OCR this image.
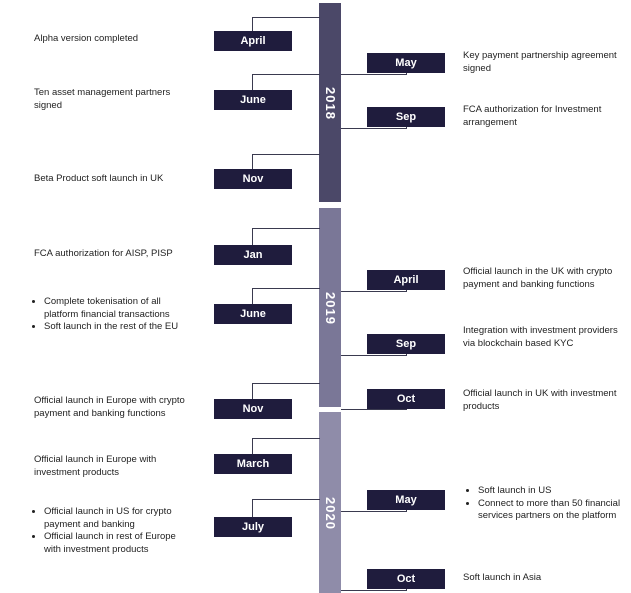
2018
2019
2020
April
Alpha version completed
May
Key payment partnership agreement signed
June
Ten asset management partners signed
Sep
FCA authorization for Investment arrangement
Nov
Beta Product soft launch in UK
Jan
FCA authorization for AISP, PISP
April
Official launch in the UK with crypto payment and banking functions
June
• Complete tokenisation of all platform financial transactions
• Soft launch in the rest of the EU
Sep
Integration with investment providers via blockchain based KYC
Oct	Official launch in UK with investment products
Nov
Official launch in Europe with crypto payment and banking functions
March
Official launch in Europe with investment products
May
• Soft launch in US
• Connect to more than 50 financial services partners on the platform
July
• Official launch in US for crypto payment and banking
• Official launch in rest of Europe with investment products
Oct	Soft launch in Asia
